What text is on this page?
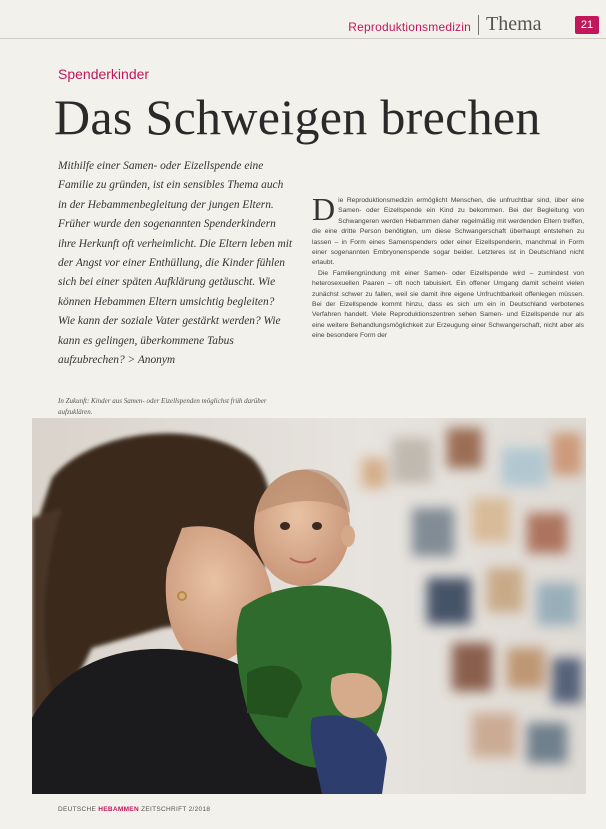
Reproduktionsmedizin Thema	21
Spenderkinder
Das Schweigen brechen

Mithilfe einer Samen- oder Eizellspende eine Familie zu gründen, ist ein sensibles Thema auch in der Hebammenbegleitung der jungen Eltern. Früher wurde den sogenannten Spenderkindern ihre Herkunft oft verheimlicht. Die Eltern leben mit der Angst vor einer Enthüllung, die Kinder fühlen sich bei einer späten Aufklärung getäuscht. Wie können Hebammen Eltern umsichtig begleiten? Wie kann der soziale Vater gestärkt werden? Wie kann es gelingen, überkommene Tabus aufzubrechen? > Anonym

In Zukunft: Kinder aus Samen- oder Eizellspenden möglichst früh darüber aufzuklären.

Die Reproduktionsmedizin ermöglicht Menschen, die unfruchtbar sind, über eine Samen- oder Eizellspende ein Kind zu bekommen. Bei der Begleitung von Schwangeren werden Hebammen daher regelmäßig mit werdenden Eltern treffen, die eine dritte Person benötigten, um diese Schwangerschaft überhaupt entstehen zu lassen – in Form eines Samenspenders oder einer Eizellspenderin, manchmal in Form einer sogenannten Embryonenspende sogar beider. Letzteres ist in Deutschland nicht erlaubt.

Die Familiengründung mit einer Samen- oder Eizellspende wird – zumindest von heterosexuellen Paaren – oft noch tabuisiert. Ein offener Umgang damit scheint vielen zunächst schwer zu fallen, weil sie damit ihre eigene Unfruchtbarkeit offenlegen müssen. Bei der Eizellspende kommt hinzu, dass es sich um ein in Deutschland verbotenes Verfahren handelt. Viele Reproduktionszentren sehen Samen- und Eizellspende nur als eine weitere Behandlungsmöglichkeit zur Erzeugung einer Schwangerschaft, nicht aber als eine besondere Form der

DEUTSCHE HEBAMMEN ZEITSCHRIFT 2/2018
